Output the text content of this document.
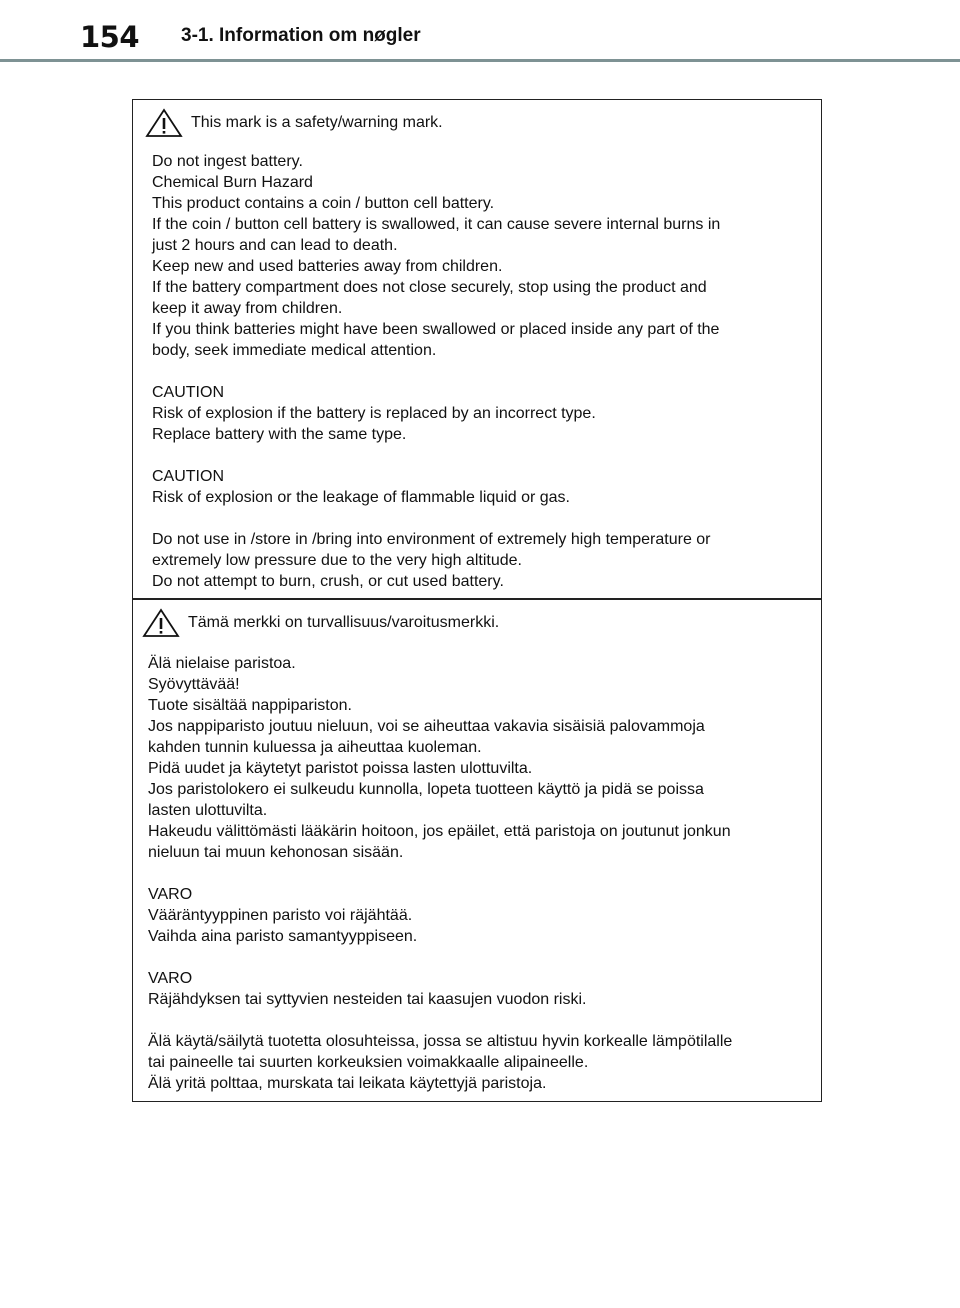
154 3-1. Information om nøgler
This mark is a safety/warning mark.
Do not ingest battery.
Chemical Burn Hazard
This product contains a coin / button cell battery.
If the coin / button cell battery is swallowed, it can cause severe internal burns in
just 2 hours and can lead to death.
Keep new and used batteries away from children.
If the battery compartment does not close securely, stop using the product and
keep it away from children.
If you think batteries might have been swallowed or placed inside any part of the
body, seek immediate medical attention.
CAUTION
Risk of explosion if the battery is replaced by an incorrect type.
Replace battery with the same type.
CAUTION
Risk of explosion or the leakage of flammable liquid or gas.
Do not use in /store in /bring into environment of extremely high temperature or
extremely low pressure due to the very high altitude.
Do not attempt to burn, crush, or cut used battery.
Tämä merkki on turvallisuus/varoitusmerkki.
Älä nielaise paristoa.
Syövyttävää!
Tuote sisältää nappipariston.
Jos nappiparisto joutuu nieluun, voi se aiheuttaa vakavia sisäisiä palovammoja
kahden tunnin kuluessa ja aiheuttaa kuoleman.
Pidä uudet ja käytetyt paristot poissa lasten ulottuvilta.
Jos paristolokero ei sulkeudu kunnolla, lopeta tuotteen käyttö ja pidä se poissa
lasten ulottuvilta.
Hakeudu välittömästi lääkärin hoitoon, jos epäilet, että paristoja on joutunut jonkun
nieluun tai muun kehonosan sisään.
VARO
Vääräntyyppinen paristo voi räjähtää.
Vaihda aina paristo samantyyppiseen.
VARO
Räjähdyksen tai syttyvien nesteiden tai kaasujen vuodon riski.
Älä käytä/säilytä tuotetta olosuhteissa, jossa se altistuu hyvin korkealle lämpötilalle
tai paineelle tai suurten korkeuksien voimakkaalle alipaineelle.
Älä yritä polttaa, murskata tai leikata käytettyjä paristoja.
